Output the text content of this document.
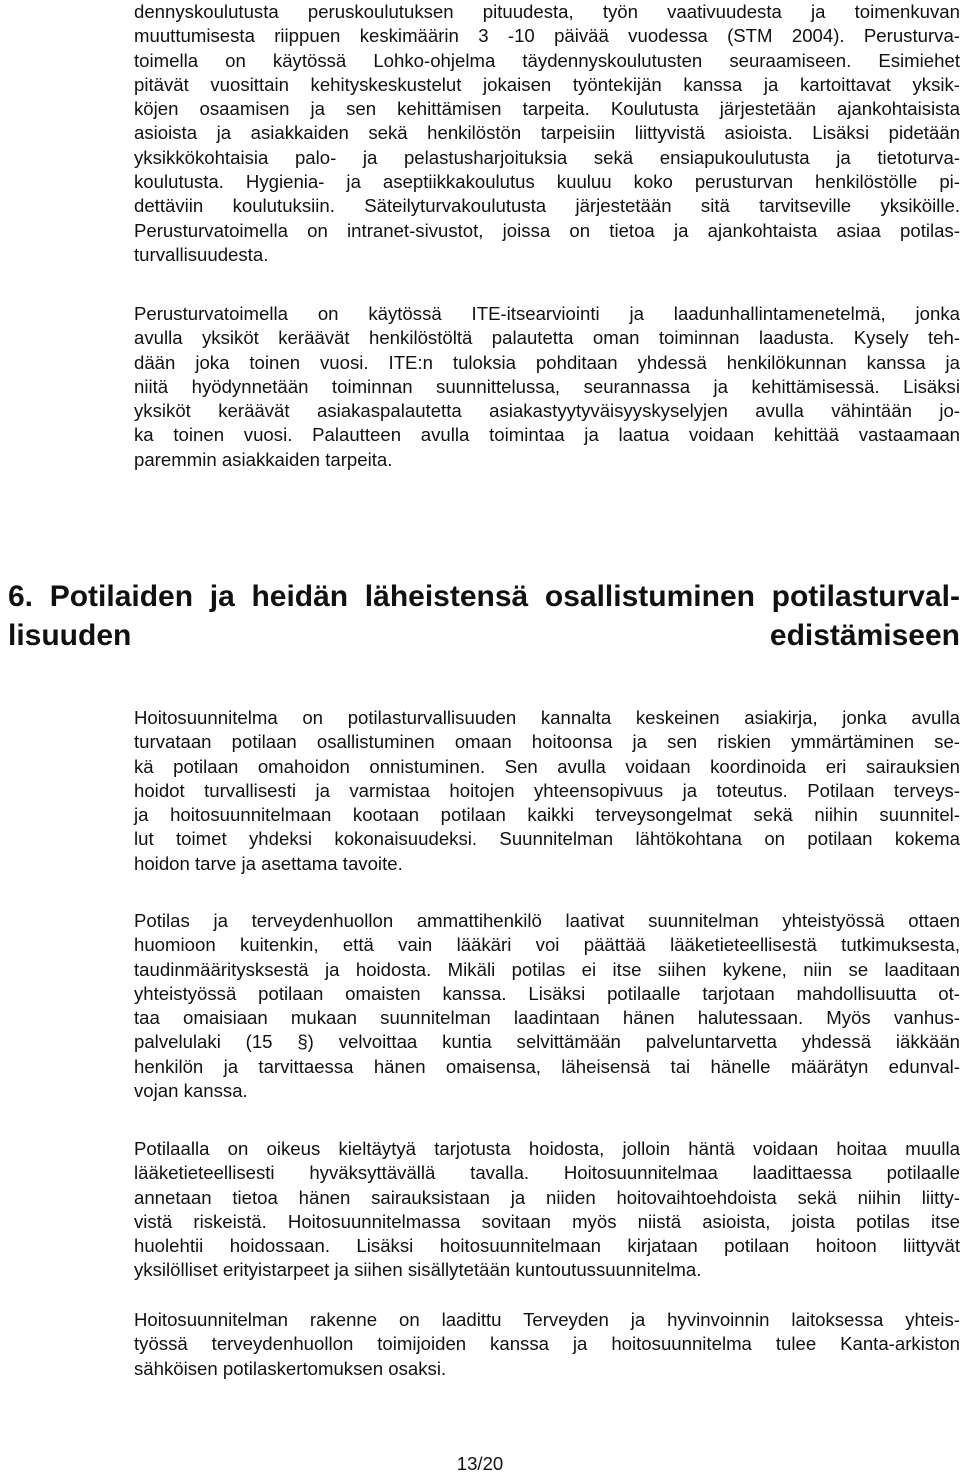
dennyskoulutusta peruskoulutuksen pituudesta, työn vaativuudesta ja toimenkuvan
muuttumisesta riippuen keskimäärin 3 -10 päivää vuodessa (STM 2004). Perusturva-
toimella on käytössä Lohko-ohjelma täydennyskoulutusten seuraamiseen. Esimiehet
pitävät vuosittain kehityskeskustelut jokaisen työntekijän kanssa ja kartoittavat yksik-
köjen osaamisen ja sen kehittämisen tarpeita. Koulutusta järjestetään ajankohtaisista
asioista ja asiakkaiden sekä henkilöstön tarpeisiin liittyvistä asioista. Lisäksi pidetään
yksikkökohtaisia palo- ja pelastusharjoituksia sekä ensiapukoulutusta ja tietoturva-
koulutusta. Hygienia- ja aseptiikkakoulutus kuuluu koko perusturvan henkilöstölle pi-
dettäviin koulutuksiin. Säteilyturvakoulutusta järjestetään sitä tarvitseville yksiköille.
Perusturvatoimella on intranet-sivustot, joissa on tietoa ja ajankohtaista asiaa potilas-
turvallisuudesta.
Perusturvatoimella on käytössä ITE-itsearviointi ja laadunhallintamenetelmä, jonka
avulla yksiköt keräävät henkilöstöltä palautetta oman toiminnan laadusta. Kysely teh-
dään joka toinen vuosi. ITE:n tuloksia pohditaan yhdessä henkilökunnan kanssa ja
niitä hyödynnetään toiminnan suunnittelussa, seurannassa ja kehittämisessä. Lisäksi
yksiköt keräävät asiakaspalautetta asiakastyytyväisyyskyselyjen avulla vähintään jo-
ka toinen vuosi. Palautteen avulla toimintaa ja laatua voidaan kehittää vastaamaan
paremmin asiakkaiden tarpeita.
6. Potilaiden ja heidän läheistensä osallistuminen potilasturval-
lisuuden edistämiseen
Hoitosuunnitelma on potilasturvallisuuden kannalta keskeinen asiakirja, jonka avulla
turvataan potilaan osallistuminen omaan hoitoonsa ja sen riskien ymmärtäminen se-
kä potilaan omahoidon onnistuminen. Sen avulla voidaan koordinoida eri sairauksien
hoidot turvallisesti ja varmistaa hoitojen yhteensopivuus ja toteutus. Potilaan terveys-
ja hoitosuunnitelmaan kootaan potilaan kaikki terveysongelmat sekä niihin suunnitel-
lut toimet yhdeksi kokonaisuudeksi. Suunnitelman lähtökohtana on potilaan kokema
hoidon tarve ja asettama tavoite.
Potilas ja terveydenhuollon ammattihenkilö laativat suunnitelman yhteistyössä ottaen
huomioon kuitenkin, että vain lääkäri voi päättää lääketieteellisestä tutkimuksesta,
taudinmääritysksestä ja hoidosta. Mikäli potilas ei itse siihen kykene, niin se laaditaan
yhteistyössä potilaan omaisten kanssa. Lisäksi potilaalle tarjotaan mahdollisuutta ot-
taa omaisiaan mukaan suunnitelman laadintaan hänen halutessaan. Myös vanhus-
palvelulaki (15 §) velvoittaa kuntia selvittämään palveluntarvetta yhdessä iäkkään
henkilön ja tarvittaessa hänen omaisensa, läheisensä tai hänelle määrätyn edunval-
vojan kanssa.
Potilaalla on oikeus kieltäytyä tarjotusta hoidosta, jolloin häntä voidaan hoitaa muulla
lääketieteellisesti hyväksyttävällä tavalla. Hoitosuunnitelmaa laadittaessa potilaalle
annetaan tietoa hänen sairauksistaan ja niiden hoitovaihtoehdoista sekä niihin liitty-
vistä riskeistä. Hoitosuunnitelmassa sovitaan myös niistä asioista, joista potilas itse
huolehtii hoidossaan. Lisäksi hoitosuunnitelmaan kirjataan potilaan hoitoon liittyvät
yksilölliset erityistarpeet ja siihen sisällytetään kuntoutussuunnitelma.
Hoitosuunnitelman rakenne on laadittu Terveyden ja hyvinvoinnin laitoksessa yhteis-
työssä terveydenhuollon toimijoiden kanssa ja hoitosuunnitelma tulee Kanta-arkiston
sähköisen potilaskertomuksen osaksi.
13/20
